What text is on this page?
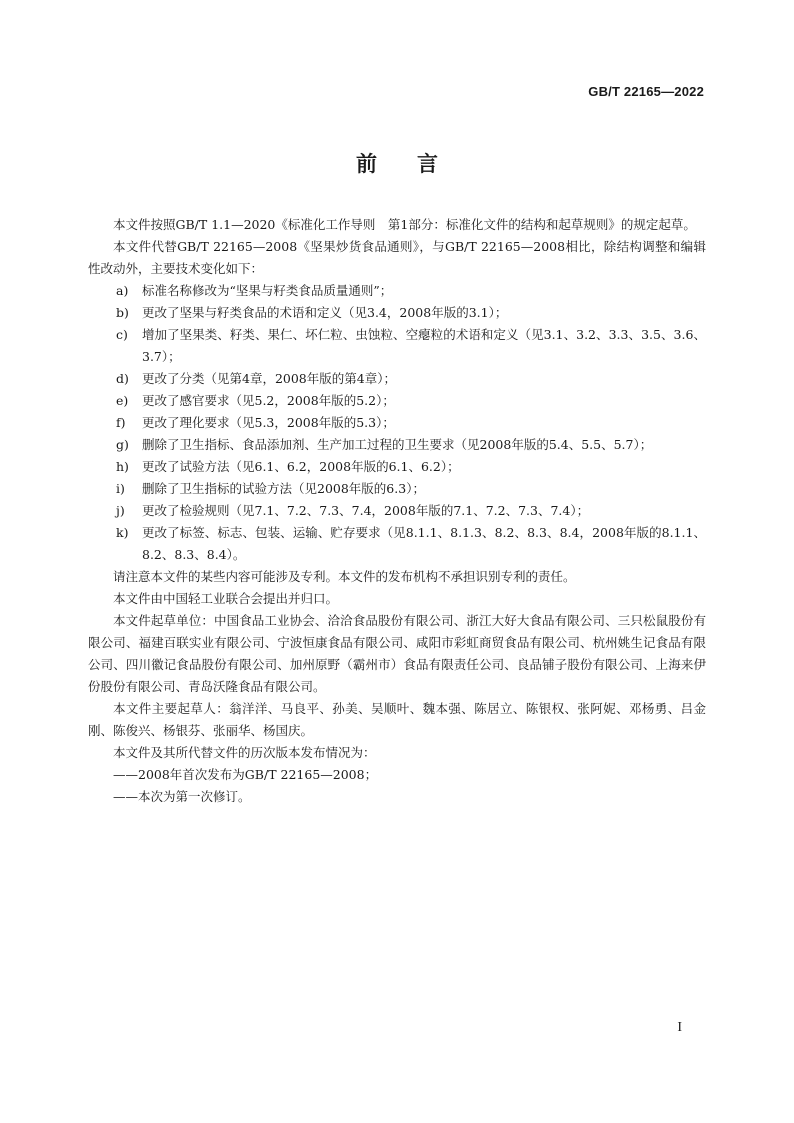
GB/T 22165—2022
前 言

本文件按照GB/T 1.1—2020《标准化工作导则　第1部分：标准化文件的结构和起草规则》的规定起草。

本文件代替GB/T 22165—2008《坚果炒货食品通则》，与GB/T 22165—2008相比，除结构调整和编辑性改动外，主要技术变化如下：

a) 标准名称修改为“坚果与籽类食品质量通则”；

b) 更改了坚果与籽类食品的术语和定义（见3.4，2008年版的3.1）；

c) 增加了坚果类、籽类、果仁、坏仁粒、虫蚀粒、空瘪粒的术语和定义（见3.1、3.2、3.3、3.5、3.6、3.7）；

d) 更改了分类（见第4章，2008年版的第4章）；

e) 更改了感官要求（见5.2，2008年版的5.2）；

f) 更改了理化要求（见5.3，2008年版的5.3）；

g) 删除了卫生指标、食品添加剂、生产加工过程的卫生要求（见2008年版的5.4、5.5、5.7）；

h) 更改了试验方法（见6.1、6.2，2008年版的6.1、6.2）；

i) 删除了卫生指标的试验方法（见2008年版的6.3）；

j) 更改了检验规则（见7.1、7.2、7.3、7.4，2008年版的7.1、7.2、7.3、7.4）；

k) 更改了标签、标志、包装、运输、贮存要求（见8.1.1、8.1.3、8.2、8.3、8.4，2008年版的8.1.1、8.2、8.3、8.4）。

请注意本文件的某些内容可能涉及专利。本文件的发布机构不承担识别专利的责任。

本文件由中国轻工业联合会提出并归口。

本文件起草单位：中国食品工业协会、洽洽食品股份有限公司、浙江大好大食品有限公司、三只松鼠股份有限公司、福建百联实业有限公司、宁波恒康食品有限公司、咸阳市彩虹商贸食品有限公司、杭州姚生记食品有限公司、四川徽记食品股份有限公司、加州原野（霸州市）食品有限责任公司、良品铺子股份有限公司、上海来伊份股份有限公司、青岛沃隆食品有限公司。

本文件主要起草人：翁洋洋、马良平、孙美、吴顺叶、魏本强、陈居立、陈银权、张阿妮、邓杨勇、吕金刚、陈俊兴、杨银芬、张丽华、杨国庆。

本文件及其所代替文件的历次版本发布情况为：

——2008年首次发布为GB/T 22165—2008；

——本次为第一次修订。

I
